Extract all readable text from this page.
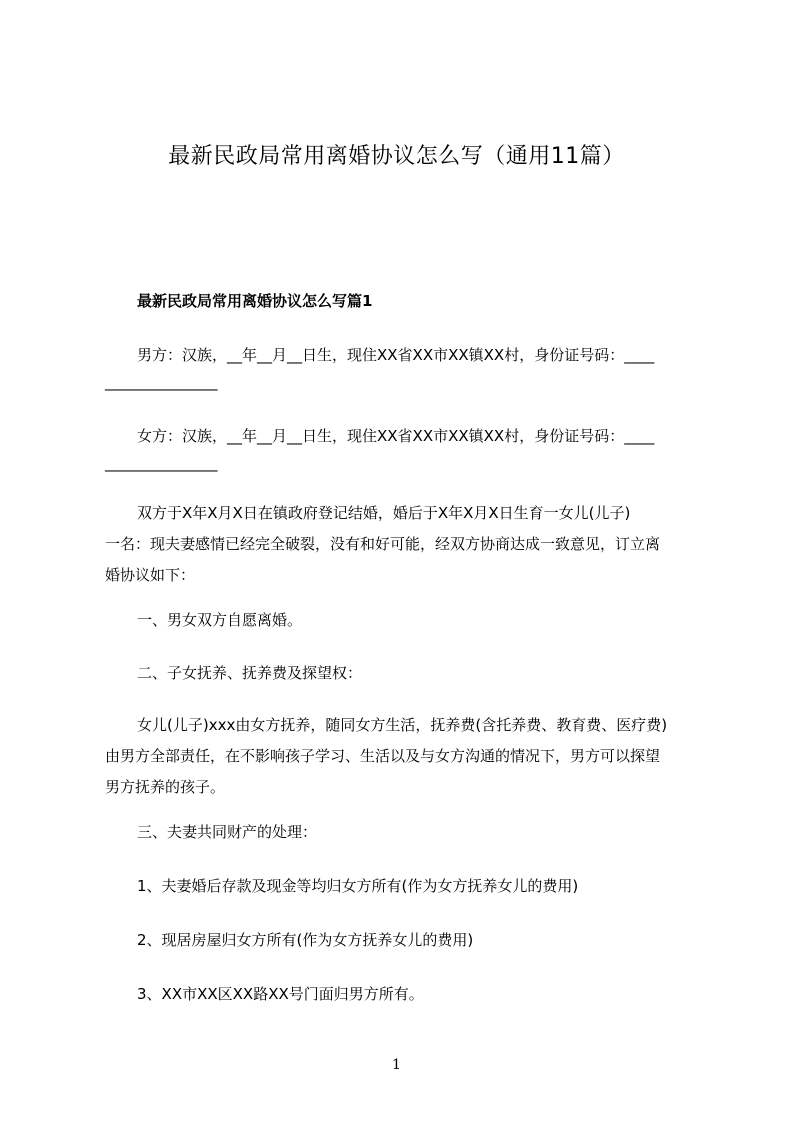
最新民政局常用离婚协议怎么写（通用11篇）
最新民政局常用离婚协议怎么写篇1
男方：汉族，__年__月__日生，现住XX省XX市XX镇XX村，身份证号码：____
_______________
女方：汉族，__年__月__日生，现住XX省XX市XX镇XX村，身份证号码：____
_______________
双方于X年X月X日在镇政府登记结婚，婚后于X年X月X日生育一女儿(儿子)
一名：现夫妻感情已经完全破裂，没有和好可能，经双方协商达成一致意见，订立离
婚协议如下：
一、男女双方自愿离婚。
二、子女抚养、抚养费及探望权：
女儿(儿子)xxx由女方抚养，随同女方生活，抚养费(含托养费、教育费、医疗费)
由男方全部责任，在不影响孩子学习、生活以及与女方沟通的情况下，男方可以探望
男方抚养的孩子。
三、夫妻共同财产的处理：
1、夫妻婚后存款及现金等均归女方所有(作为女方抚养女儿的费用)
2、现居房屋归女方所有(作为女方抚养女儿的费用)
3、XX市XX区XX路XX号门面归男方所有。
1
